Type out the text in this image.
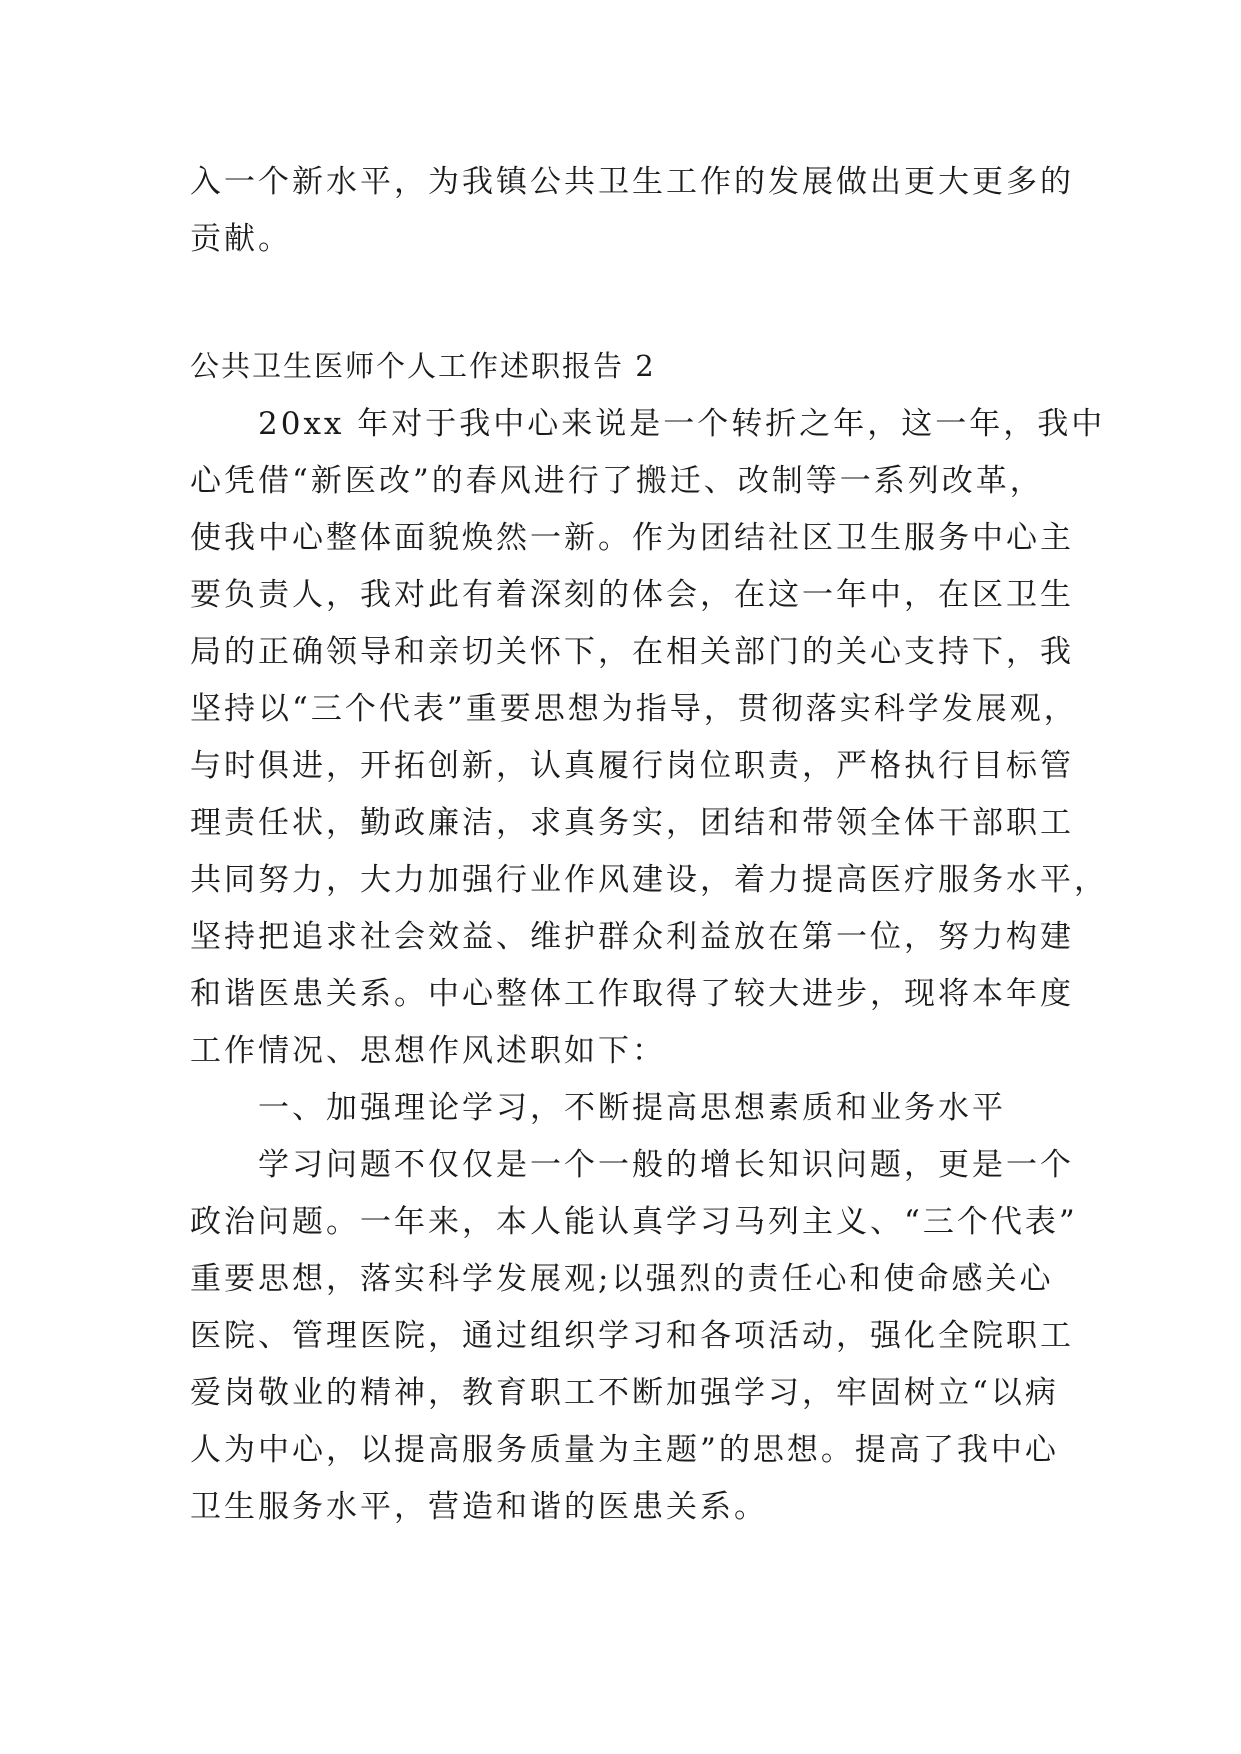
入一个新水平，为我镇公共卫生工作的发展做出更大更多的
贡献。
公共卫生医师个人工作述职报告 2
　　20xx 年对于我中心来说是一个转折之年，这一年，我中
心凭借“新医改”的春风进行了搬迁、改制等一系列改革，
使我中心整体面貌焕然一新。作为团结社区卫生服务中心主
要负责人，我对此有着深刻的体会，在这一年中，在区卫生
局的正确领导和亲切关怀下，在相关部门的关心支持下，我
坚持以“三个代表”重要思想为指导，贯彻落实科学发展观，
与时俱进，开拓创新，认真履行岗位职责，严格执行目标管
理责任状，勤政廉洁，求真务实，团结和带领全体干部职工
共同努力，大力加强行业作风建设，着力提高医疗服务水平，
坚持把追求社会效益、维护群众利益放在第一位，努力构建
和谐医患关系。中心整体工作取得了较大进步，现将本年度
工作情况、思想作风述职如下：
　　一、加强理论学习，不断提高思想素质和业务水平
　　学习问题不仅仅是一个一般的增长知识问题，更是一个
政治问题。一年来，本人能认真学习马列主义、“三个代表”
重要思想，落实科学发展观;以强烈的责任心和使命感关心
医院、管理医院，通过组织学习和各项活动，强化全院职工
爱岗敬业的精神，教育职工不断加强学习，牢固树立“以病
人为中心，以提高服务质量为主题”的思想。提高了我中心
卫生服务水平，营造和谐的医患关系。
